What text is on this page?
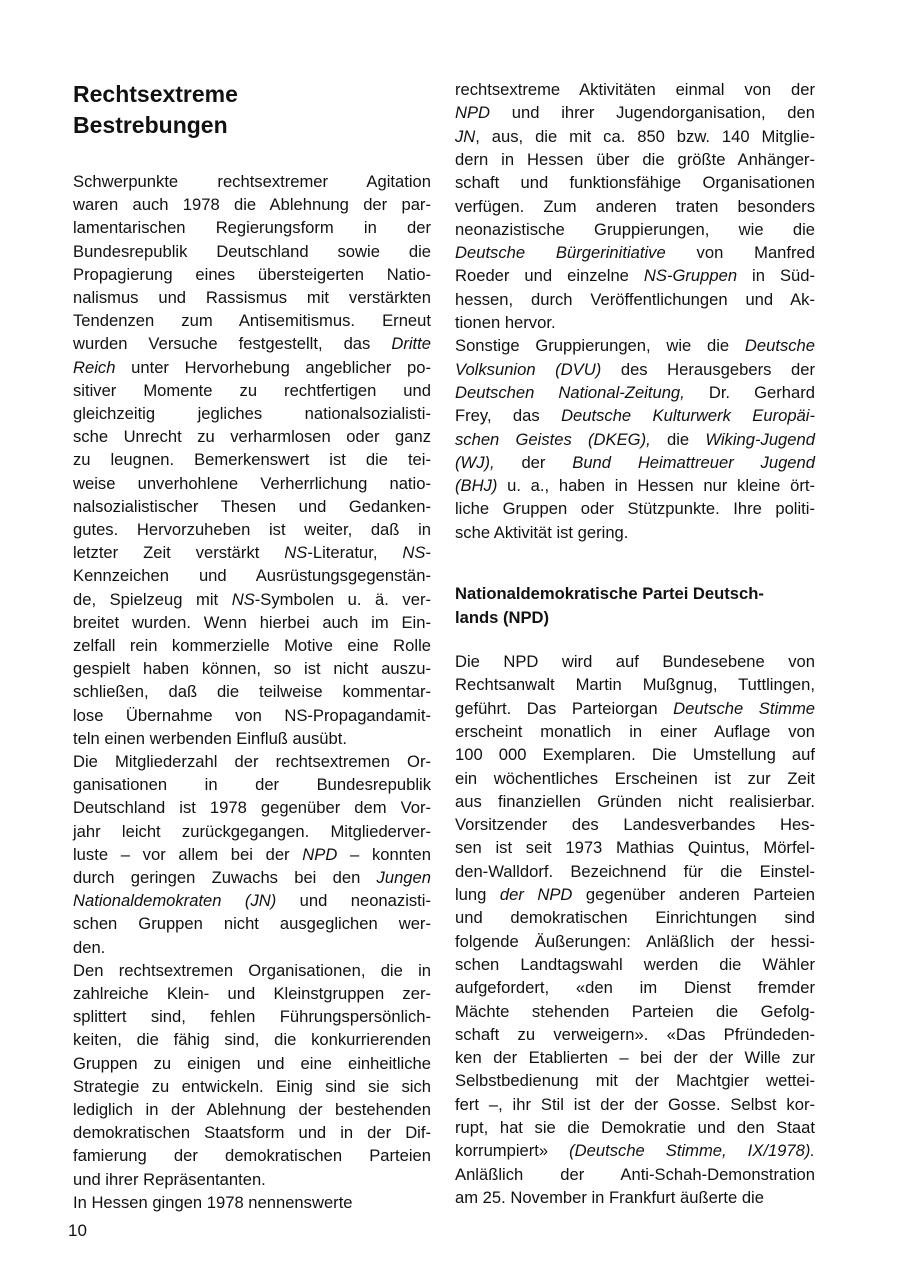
Rechtsextreme
Bestrebungen
Schwerpunkte rechtsextremer Agitation
waren auch 1978 die Ablehnung der par-
lamentarischen Regierungsform in der
Bundesrepublik Deutschland sowie die
Propagierung eines übersteigerten Natio-
nalismus und Rassismus mit verstärkten
Tendenzen zum Antisemitismus. Erneut
wurden Versuche festgestellt, das Dritte
Reich unter Hervorhebung angeblicher po-
sitiver Momente zu rechtfertigen und
gleichzeitig jegliches nationalsozialisti-
sche Unrecht zu verharmlosen oder ganz
zu leugnen. Bemerkenswert ist die tei-
weise unverhohlene Verherrlichung natio-
nalsozialistischer Thesen und Gedanken-
gutes. Hervorzuheben ist weiter, daß in
letzter Zeit verstärkt NS-Literatur, NS-
Kennzeichen und Ausrüstungsgegenstän-
de, Spielzeug mit NS-Symbolen u. ä. ver-
breitet wurden. Wenn hierbei auch im Ein-
zelfall rein kommerzielle Motive eine Rolle
gespielt haben können, so ist nicht auszu-
schließen, daß die teilweise kommentar-
lose Übernahme von NS-Propagandamit-
teln einen werbenden Einfluß ausübt.
Die Mitgliederzahl der rechtsextremen Or-
ganisationen in der Bundesrepublik
Deutschland ist 1978 gegenüber dem Vor-
jahr leicht zurückgegangen. Mitgliederver-
luste – vor allem bei der NPD – konnten
durch geringen Zuwachs bei den Jungen
Nationaldemokraten (JN) und neonazisti-
schen Gruppen nicht ausgeglichen wer-
den.
Den rechtsextremen Organisationen, die in
zahlreiche Klein- und Kleinstgruppen zer-
splittert sind, fehlen Führungspersönlich-
keiten, die fähig sind, die konkurrierenden
Gruppen zu einigen und eine einheitliche
Strategie zu entwickeln. Einig sind sie sich
lediglich in der Ablehnung der bestehenden
demokratischen Staatsform und in der Dif-
famierung der demokratischen Parteien
und ihrer Repräsentanten.
In Hessen gingen 1978 nennenswerte
rechtsextreme Aktivitäten einmal von der
NPD und ihrer Jugendorganisation, den
JN, aus, die mit ca. 850 bzw. 140 Mitglie-
dern in Hessen über die größte Anhänger-
schaft und funktionsfähige Organisationen
verfügen. Zum anderen traten besonders
neonazistische Gruppierungen, wie die
Deutsche Bürgerinitiative von Manfred
Roeder und einzelne NS-Gruppen in Süd-
hessen, durch Veröffentlichungen und Ak-
tionen hervor.
Sonstige Gruppierungen, wie die Deutsche
Volksunion (DVU) des Herausgebers der
Deutschen National-Zeitung, Dr. Gerhard
Frey, das Deutsche Kulturwerk Europäi-
schen Geistes (DKEG), die Wiking-Jugend
(WJ), der Bund Heimattreuer Jugend
(BHJ) u. a., haben in Hessen nur kleine ört-
liche Gruppen oder Stützpunkte. Ihre politi-
sche Aktivität ist gering.
Nationaldemokratische Partei Deutsch-
lands (NPD)
Die NPD wird auf Bundesebene von
Rechtsanwalt Martin Mußgnug, Tuttlingen,
geführt. Das Parteiorgan Deutsche Stimme
erscheint monatlich in einer Auflage von
100 000 Exemplaren. Die Umstellung auf
ein wöchentliches Erscheinen ist zur Zeit
aus finanziellen Gründen nicht realisierbar.
Vorsitzender des Landesverbandes Hes-
sen ist seit 1973 Mathias Quintus, Mörfel-
den-Walldorf. Bezeichnend für die Einstel-
lung der NPD gegenüber anderen Parteien
und demokratischen Einrichtungen sind
folgende Äußerungen: Anläßlich der hessi-
schen Landtagswahl werden die Wähler
aufgefordert, «den im Dienst fremder
Mächte stehenden Parteien die Gefolg-
schaft zu verweigern». «Das Pfründeden-
ken der Etablierten – bei der der Wille zur
Selbstbedienung mit der Machtgier wettei-
fert –, ihr Stil ist der der Gosse. Selbst kor-
rupt, hat sie die Demokratie und den Staat
korrumpiert» (Deutsche Stimme, IX/1978).
Anläßlich der Anti-Schah-Demonstration
am 25. November in Frankfurt äußerte die
10
